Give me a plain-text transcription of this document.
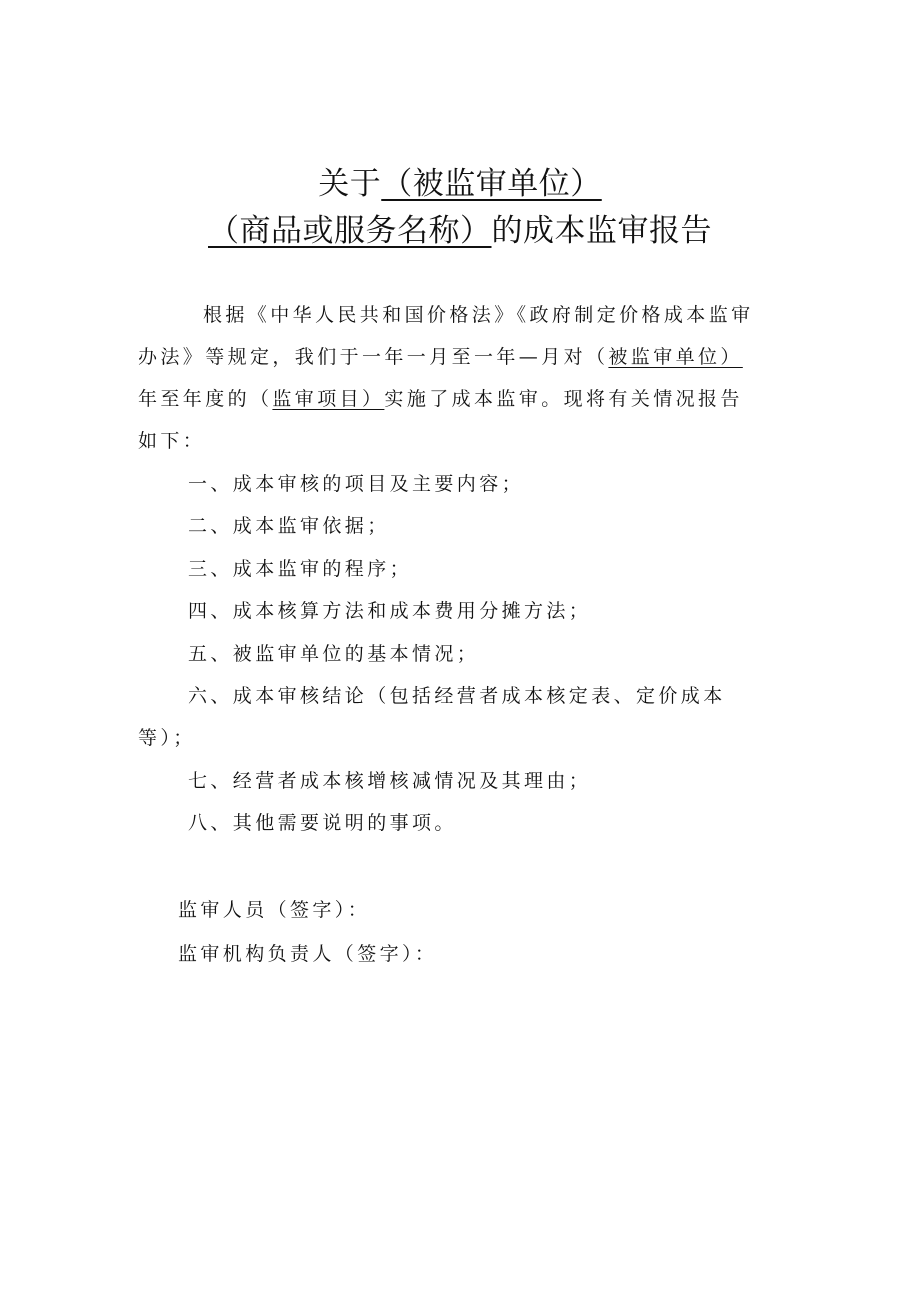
关于（被监审单位）
（商品或服务名称）的成本监审报告
根据《中华人民共和国价格法》《政府制定价格成本监审
办法》等规定，我们于一年一月至一年—月对（被监审单位）
年至年度的（监审项目）实施了成本监审。现将有关情况报告
如下：
一、成本审核的项目及主要内容；
二、成本监审依据；
三、成本监审的程序；
四、成本核算方法和成本费用分摊方法；
五、被监审单位的基本情况；
六、成本审核结论（包括经营者成本核定表、定价成本
等）；
七、经营者成本核增核减情况及其理由；
八、其他需要说明的事项。
监审人员（签字）：
监审机构负责人（签字）：
